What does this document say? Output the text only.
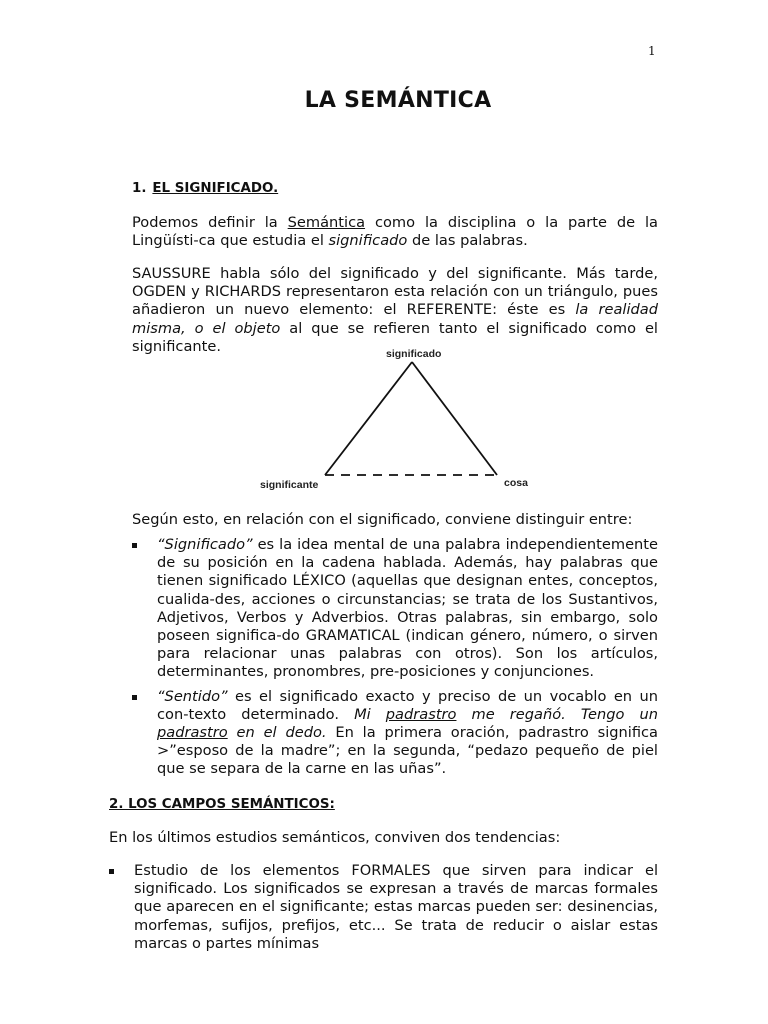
1
LA SEMÁNTICA
1. EL SIGNIFICADO.

Podemos definir la Semántica como la disciplina o la parte de la Lingüísti-ca que estudia el significado de las palabras.

SAUSSURE habla sólo del significado y del significante. Más tarde, OGDEN y RICHARDS representaron esta relación con un triángulo, pues añadieron un nuevo elemento: el REFERENTE: éste es la realidad misma, o el objeto al que se refieren tanto el significado como el significante.	significado
significante	cosa

Según esto, en relación con el significado, conviene distinguir entre:

“Significado” es la idea mental de una palabra independientemente de su posición en la cadena hablada. Además, hay palabras que tienen significado LÉXICO (aquellas que designan entes, conceptos, cualida-des, acciones o circunstancias; se trata de los Sustantivos, Adjetivos, Verbos y Adverbios. Otras palabras, sin embargo, solo poseen significa-do GRAMATICAL (indican género, número, o sirven para relacionar unas palabras con otros). Son los artículos, determinantes, pronombres, pre-posiciones y conjunciones.
“Sentido” es el significado exacto y preciso de un vocablo en un con-texto determinado. Mi padrastro me regañó. Tengo un padrastro en el dedo. En la primera oración, padrastro significa >”esposo de la madre”; en la segunda, “pedazo pequeño de piel que se separa de la carne en las uñas”.
2. LOS CAMPOS SEMÁNTICOS:

En los últimos estudios semánticos, conviven dos tendencias:

Estudio de los elementos FORMALES que sirven para indicar el significado. Los significados se expresan a través de marcas formales que aparecen en el significante; estas marcas pueden ser: desinencias, morfemas, sufijos, prefijos, etc... Se trata de reducir o aislar estas marcas o partes mínimas
